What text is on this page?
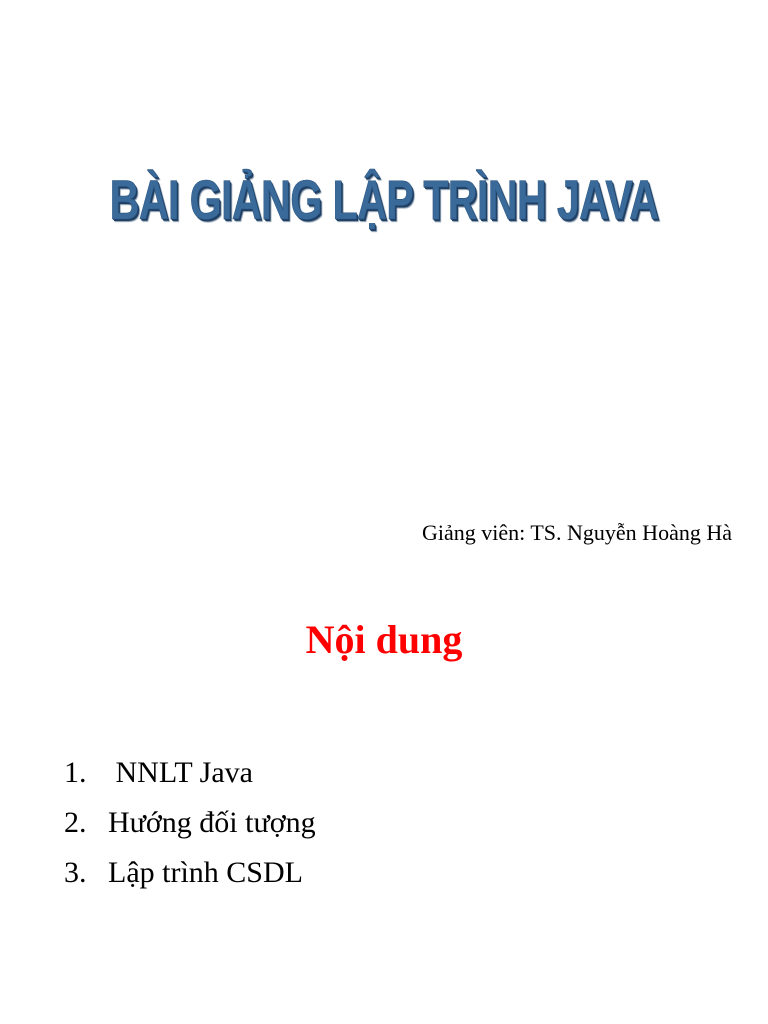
BÀI GIẢNG LẬP TRÌNH JAVA
Giảng viên: TS. Nguyễn Hoàng Hà
Nội dung
1. NNLT Java
2. Hướng đối tượng
3. Lập trình CSDL
